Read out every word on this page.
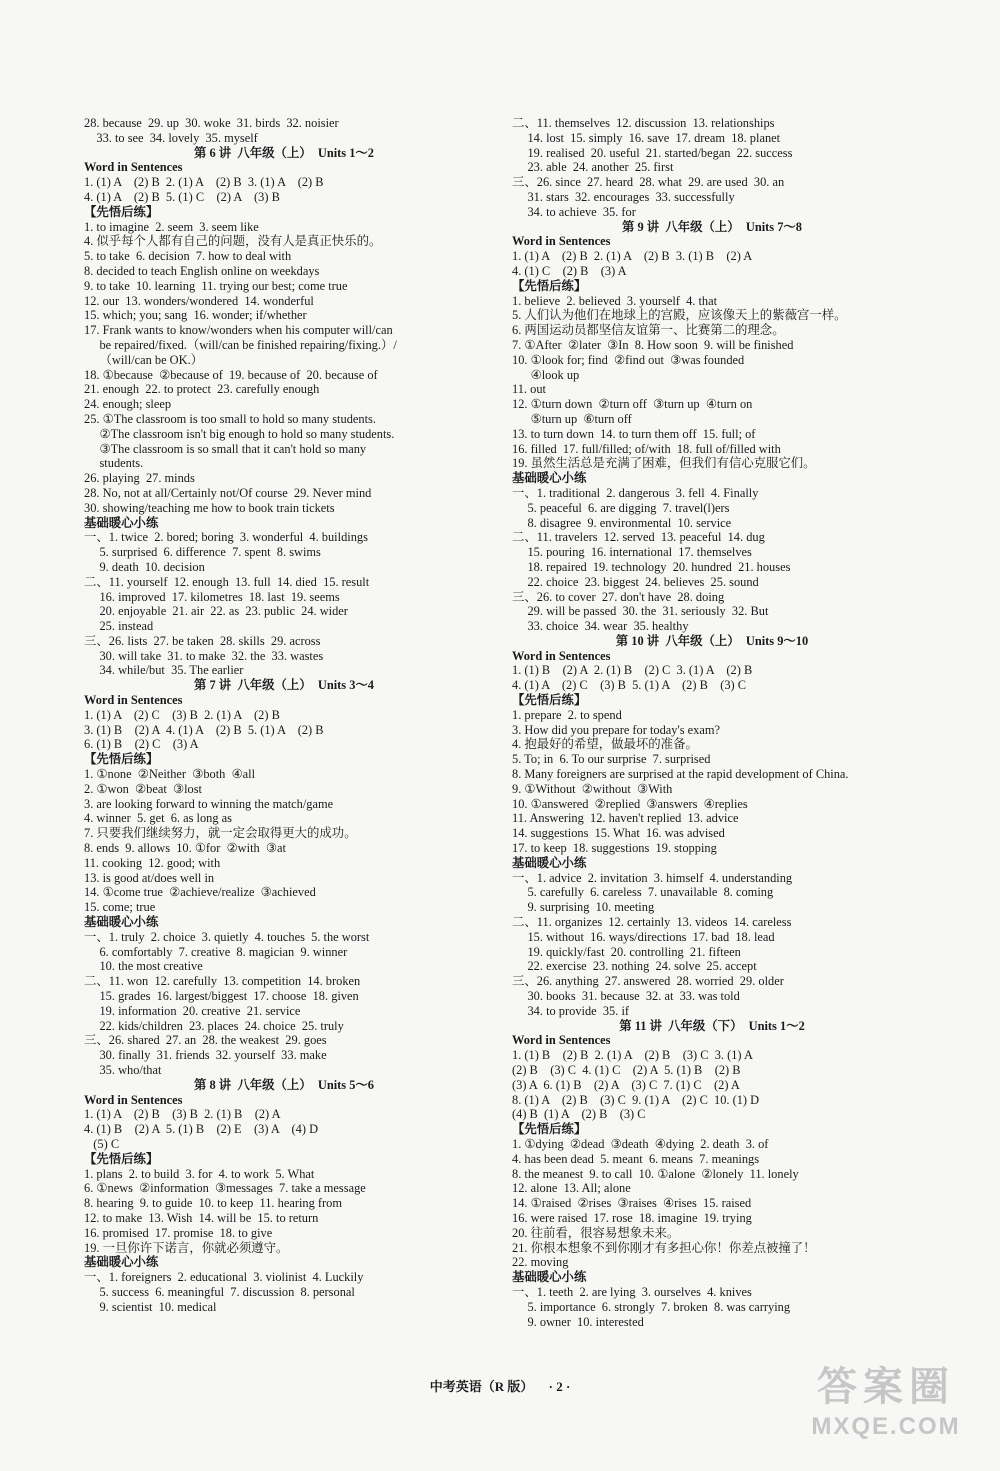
28. because  29. up  30. woke  31. birds  32. noisier
33. to see  34. lovely  35. myself
第 6 讲  八年级（上）  Units 1～2
Word in Sentences
1. (1) A    (2) B  2. (1) A    (2) B  3. (1) A    (2) B
4. (1) A    (2) B  5. (1) C    (2) A    (3) B
【先悟后练】
1. to imagine  2. seem  3. seem like
4. 似乎每个人都有自己的问题，没有人是真正快乐的。
5. to take  6. decision  7. how to deal with
8. decided to teach English online on weekdays
9. to take  10. learning  11. trying our best; come true
12. our  13. wonders/wondered  14. wonderful
15. which; you; sang  16. wonder; if/whether
17. Frank wants to know/wonders when his computer will/can
be repaired/fixed.（will/can be finished repairing/fixing.）/
（will/can be OK.）
18. ①because  ②because of  19. because of  20. because of
21. enough  22. to protect  23. carefully enough
24. enough; sleep
25. ①The classroom is too small to hold so many students.
②The classroom isn't big enough to hold so many students.
③The classroom is so small that it can't hold so many
students.
26. playing  27. minds
28. No, not at all/Certainly not/Of course  29. Never mind
30. showing/teaching me how to book train tickets
基础暖心小练
一、1. twice  2. bored; boring  3. wonderful  4. buildings
5. surprised  6. difference  7. spent  8. swims
9. death  10. decision
二、11. yourself  12. enough  13. full  14. died  15. result
16. improved  17. kilometres  18. last  19. seems
20. enjoyable  21. air  22. as  23. public  24. wider
25. instead
三、26. lists  27. be taken  28. skills  29. across
30. will take  31. to make  32. the  33. wastes
34. while/but  35. The earlier
第 7 讲  八年级（上）  Units 3～4
Word in Sentences
1. (1) A    (2) C    (3) B  2. (1) A    (2) B
3. (1) B    (2) A  4. (1) A    (2) B  5. (1) A    (2) B
6. (1) B    (2) C    (3) A
【先悟后练】
1. ①none  ②Neither  ③both  ④all
2. ①won  ②beat  ③lost
3. are looking forward to winning the match/game
4. winner  5. get  6. as long as
7. 只要我们继续努力，就一定会取得更大的成功。
8. ends  9. allows  10. ①for  ②with  ③at
11. cooking  12. good; with
13. is good at/does well in
14. ①come true  ②achieve/realize  ③achieved
15. come; true
基础暖心小练
一、1. truly  2. choice  3. quietly  4. touches  5. the worst
6. comfortably  7. creative  8. magician  9. winner
10. the most creative
二、11. won  12. carefully  13. competition  14. broken
15. grades  16. largest/biggest  17. choose  18. given
19. information  20. creative  21. service
22. kids/children  23. places  24. choice  25. truly
三、26. shared  27. an  28. the weakest  29. goes
30. finally  31. friends  32. yourself  33. make
35. who/that
第 8 讲  八年级（上）  Units 5～6
Word in Sentences
1. (1) A    (2) B    (3) B  2. (1) B    (2) A
4. (1) B    (2) A  5. (1) B    (2) E    (3) A    (4) D
(5) C
【先悟后练】
1. plans  2. to build  3. for  4. to work  5. What
6. ①news  ②information  ③messages  7. take a message
8. hearing  9. to guide  10. to keep  11. hearing from
12. to make  13. Wish  14. will be  15. to return
16. promised  17. promise  18. to give
19. 一旦你许下诺言，你就必须遵守。
基础暖心小练
一、1. foreigners  2. educational  3. violinist  4. Luckily
5. success  6. meaningful  7. discussion  8. personal
9. scientist  10. medical
二、11. themselves  12. discussion  13. relationships
14. lost  15. simply  16. save  17. dream  18. planet
19. realised  20. useful  21. started/began  22. success
23. able  24. another  25. first
三、26. since  27. heard  28. what  29. are used  30. an
31. stars  32. encourages  33. successfully
34. to achieve  35. for
第 9 讲  八年级（上）  Units 7～8
Word in Sentences
1. (1) A    (2) B  2. (1) A    (2) B  3. (1) B    (2) A
4. (1) C    (2) B    (3) A
【先悟后练】
1. believe  2. believed  3. yourself  4. that
5. 人们认为他们在地球上的宫殿，应该像天上的紫薇宫一样。
6. 两国运动员都坚信友谊第一、比赛第二的理念。
7. ①After  ②later  ③In  8. How soon  9. will be finished
10. ①look for; find  ②find out  ③was founded
④look up
11. out
12. ①turn down  ②turn off  ③turn up  ④turn on
⑤turn up  ⑥turn off
13. to turn down  14. to turn them off  15. full; of
16. filled  17. full/filled; of/with  18. full of/filled with
19. 虽然生活总是充满了困难，但我们有信心克服它们。
基础暖心小练
一、1. traditional  2. dangerous  3. fell  4. Finally
5. peaceful  6. are digging  7. travel(l)ers
8. disagree  9. environmental  10. service
二、11. travelers  12. served  13. peaceful  14. dug
15. pouring  16. international  17. themselves
18. repaired  19. technology  20. hundred  21. houses
22. choice  23. biggest  24. believes  25. sound
三、26. to cover  27. don't have  28. doing
29. will be passed  30. the  31. seriously  32. But
33. choice  34. wear  35. healthy
第 10 讲  八年级（上）  Units 9～10
Word in Sentences
1. (1) B    (2) A  2. (1) B    (2) C  3. (1) A    (2) B
4. (1) A    (2) C    (3) B  5. (1) A    (2) B    (3) C
【先悟后练】
1. prepare  2. to spend
3. How did you prepare for today's exam?
4. 抱最好的希望，做最坏的准备。
5. To; in  6. To our surprise  7. surprised
8. Many foreigners are surprised at the rapid development of China.
9. ①Without  ②without  ③With
10. ①answered  ②replied  ③answers  ④replies
11. Answering  12. haven't replied  13. advice
14. suggestions  15. What  16. was advised
17. to keep  18. suggestions  19. stopping
基础暖心小练
一、1. advice  2. invitation  3. himself  4. understanding
5. carefully  6. careless  7. unavailable  8. coming
9. surprising  10. meeting
二、11. organizes  12. certainly  13. videos  14. careless
15. without  16. ways/directions  17. bad  18. lead
19. quickly/fast  20. controlling  21. fifteen
22. exercise  23. nothing  24. solve  25. accept
三、26. anything  27. answered  28. worried  29. older
30. books  31. because  32. at  33. was told
34. to provide  35. if
第 11 讲  八年级（下）  Units 1～2
Word in Sentences
1. (1) B    (2) B  2. (1) A    (2) B    (3) C  3. (1) A
(2) B    (3) C  4. (1) C    (2) A  5. (1) B    (2) B
(3) A  6. (1) B    (2) A    (3) C  7. (1) C    (2) A
8. (1) A    (2) B    (3) C  9. (1) A    (2) C  10. (1) D
(4) B  (1) A    (2) B    (3) C
【先悟后练】
1. ①dying  ②dead  ③death  ④dying  2. death  3. of
4. has been dead  5. meant  6. means  7. meanings
8. the meanest  9. to call  10. ①alone  ②lonely  11. lonely
12. alone  13. All; alone
14. ①raised  ②rises  ③raises  ④rises  15. raised
16. were raised  17. rose  18. imagine  19. trying
20. 往前看，很容易想象未来。
21. 你根本想象不到你刚才有多担心你！你差点被撞了！
22. moving
基础暖心小练
一、1. teeth  2. are lying  3. ourselves  4. knives
5. importance  6. strongly  7. broken  8. was carrying
9. owner  10. interested
中考英语（R 版） · 2 ·	答案圈
MXQE.COM
